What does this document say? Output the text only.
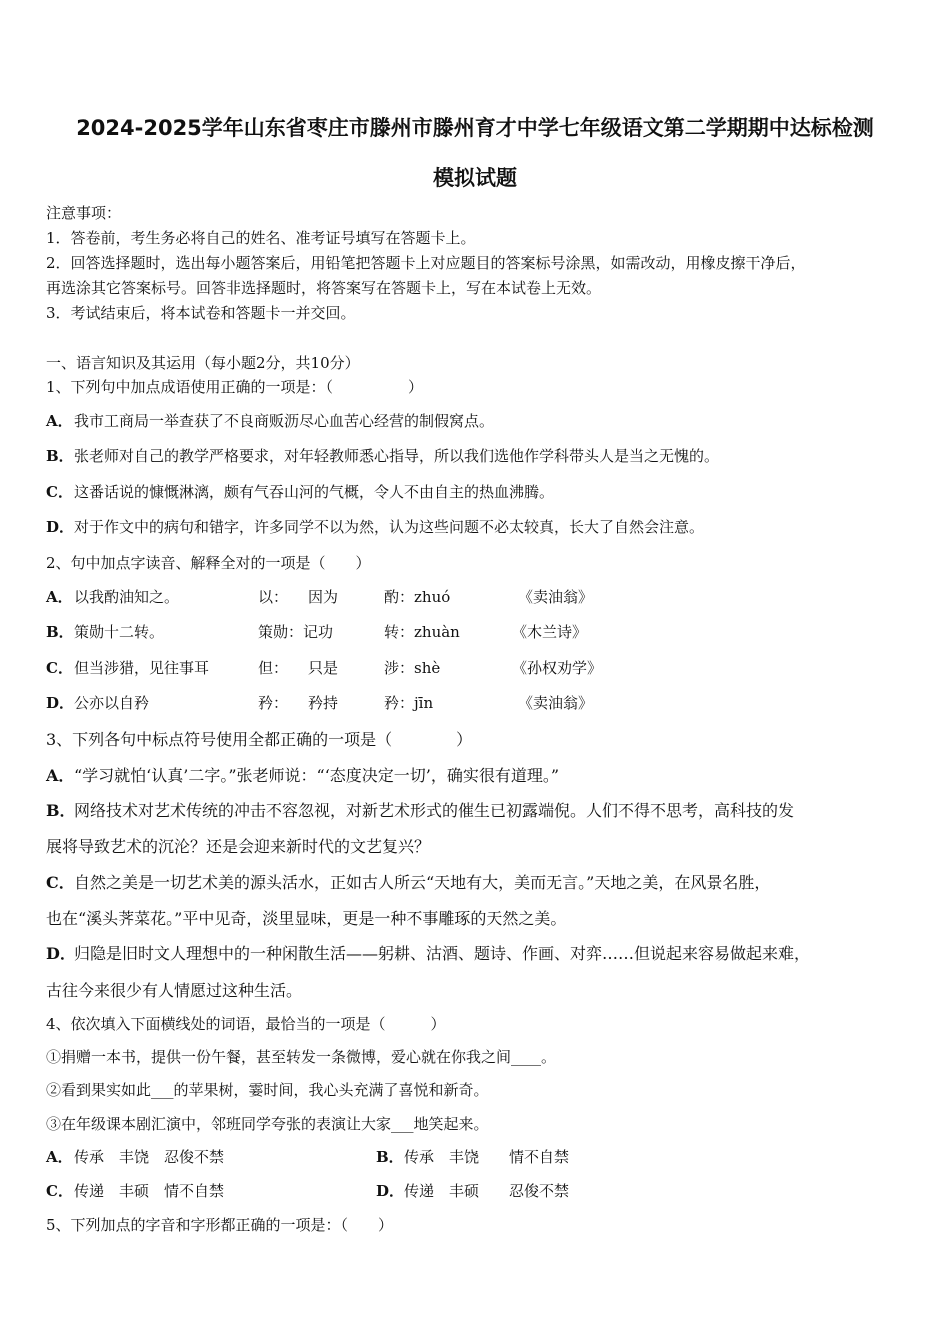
2024-2025学年山东省枣庄市滕州市滕州育才中学七年级语文第二学期期中达标检测
模拟试题
注意事项：
1．答卷前，考生务必将自己的姓名、准考证号填写在答题卡上。
2．回答选择题时，选出每小题答案后，用铅笔把答题卡上对应题目的答案标号涂黑，如需改动，用橡皮擦干净后，
再选涂其它答案标号。回答非选择题时，将答案写在答题卡上，写在本试卷上无效。
3．考试结束后，将本试卷和答题卡一并交回。
一、语言知识及其运用（每小题2分，共10分）
1、下列句中加点成语使用正确的一项是：（　　　　　）
A．我市工商局一举查获了不良商贩沥尽心血苦心经营的制假窝点。
B．张老师对自己的教学严格要求，对年轻教师悉心指导，所以我们选他作学科带头人是当之无愧的。
C．这番话说的慷慨淋漓，颇有气吞山河的气概，令人不由自主的热血沸腾。
D．对于作文中的病句和错字，许多同学不以为然，认为这些问题不必太较真，长大了自然会注意。
2、句中加点字读音、解释全对的一项是（　　）
A． 以我酌油知之。	以： 因为	酌：zhuó	《卖油翁》
B． 策勋十二转。	策勋：记功	转：zhuàn	《木兰诗》
C． 但当涉猎，见往事耳	但： 只是	涉：shè	《孙权劝学》
D． 公亦以自矜	矜： 矜持	矜：jīn	《卖油翁》
3、下列各句中标点符号使用全都正确的一项是（　　　　）
A．“学习就怕‘认真’二字。”张老师说：“‘态度决定一切’，确实很有道理。”
B．网络技术对艺术传统的冲击不容忽视，对新艺术形式的催生已初露端倪。人们不得不思考，高科技的发
展将导致艺术的沉沦？还是会迎来新时代的文艺复兴？
C．自然之美是一切艺术美的源头活水，正如古人所云“天地有大，美而无言。”天地之美，在风景名胜，
也在“溪头荠菜花。”平中见奇，淡里显味，更是一种不事雕琢的天然之美。
D．归隐是旧时文人理想中的一种闲散生活——躬耕、沽酒、题诗、作画、对弈……但说起来容易做起来难，
古往今来很少有人情愿过这种生活。
4、依次填入下面横线处的词语，最恰当的一项是（　　　）
①捐赠一本书，提供一份午餐，甚至转发一条微博，爱心就在你我之间____。
②看到果实如此___的苹果树，霎时间，我心头充满了喜悦和新奇。
③在年级课本剧汇演中，邻班同学夸张的表演让大家___地笑起来。
A．传承　丰饶　忍俊不禁	B．传承　丰饶　　情不自禁
C．传递　丰硕　情不自禁	D．传递　丰硕　　忍俊不禁
5、下列加点的字音和字形都正确的一项是：（　　）
